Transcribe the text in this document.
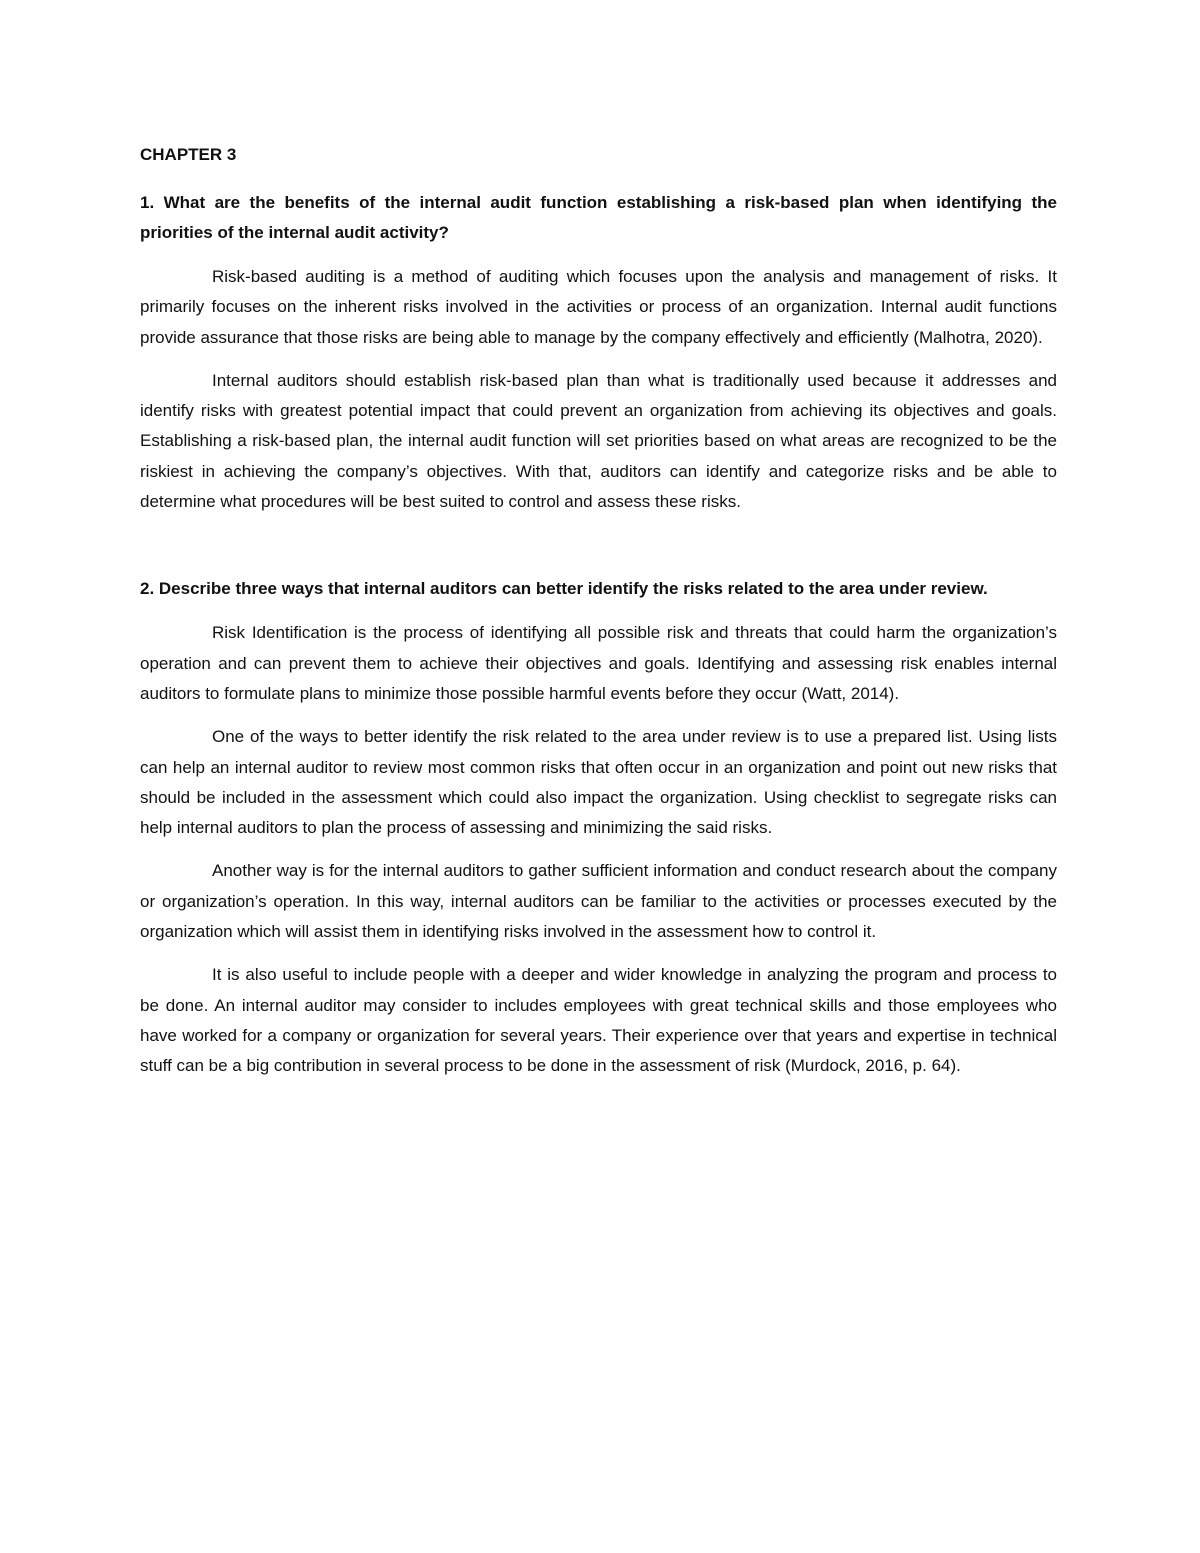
CHAPTER 3
1. What are the benefits of the internal audit function establishing a risk-based plan when identifying the priorities of the internal audit activity?

Risk-based auditing is a method of auditing which focuses upon the analysis and management of risks. It primarily focuses on the inherent risks involved in the activities or process of an organization. Internal audit functions provide assurance that those risks are being able to manage by the company effectively and efficiently (Malhotra, 2020).

Internal auditors should establish risk-based plan than what is traditionally used because it addresses and identify risks with greatest potential impact that could prevent an organization from achieving its objectives and goals. Establishing a risk-based plan, the internal audit function will set priorities based on what areas are recognized to be the riskiest in achieving the company’s objectives. With that, auditors can identify and categorize risks and be able to determine what procedures will be best suited to control and assess these risks.

2. Describe three ways that internal auditors can better identify the risks related to the area under review.

Risk Identification is the process of identifying all possible risk and threats that could harm the organization’s operation and can prevent them to achieve their objectives and goals. Identifying and assessing risk enables internal auditors to formulate plans to minimize those possible harmful events before they occur (Watt, 2014).

One of the ways to better identify the risk related to the area under review is to use a prepared list. Using lists can help an internal auditor to review most common risks that often occur in an organization and point out new risks that should be included in the assessment which could also impact the organization. Using checklist to segregate risks can help internal auditors to plan the process of assessing and minimizing the said risks.

Another way is for the internal auditors to gather sufficient information and conduct research about the company or organization’s operation. In this way, internal auditors can be familiar to the activities or processes executed by the organization which will assist them in identifying risks involved in the assessment how to control it.

It is also useful to include people with a deeper and wider knowledge in analyzing the program and process to be done. An internal auditor may consider to includes employees with great technical skills and those employees who have worked for a company or organization for several years. Their experience over that years and expertise in technical stuff can be a big contribution in several process to be done in the assessment of risk (Murdock, 2016, p. 64).
